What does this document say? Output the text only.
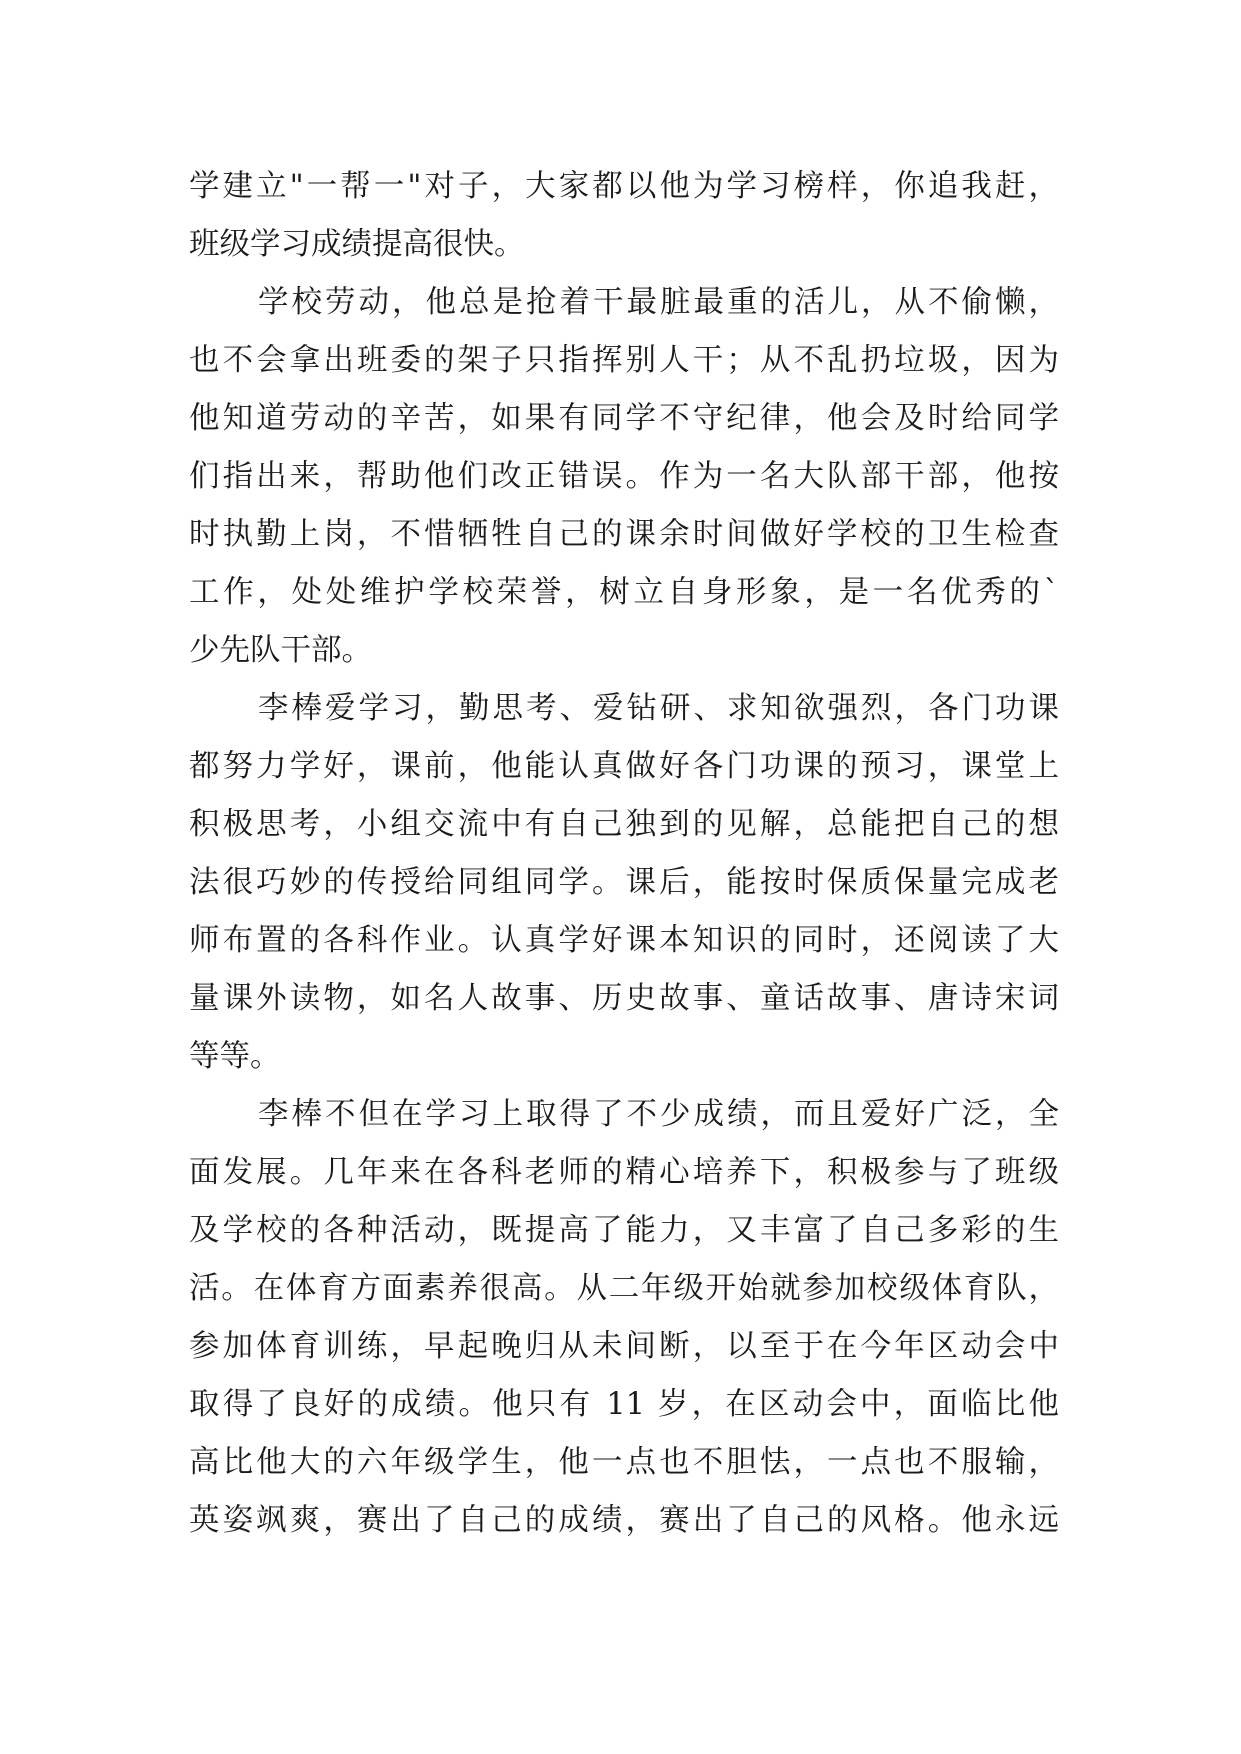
学建立"一帮一"对子，大家都以他为学习榜样，你追我赶，
班级学习成绩提高很快。
学校劳动，他总是抢着干最脏最重的活儿，从不偷懒，
也不会拿出班委的架子只指挥别人干；从不乱扔垃圾，因为
他知道劳动的辛苦，如果有同学不守纪律，他会及时给同学
们指出来，帮助他们改正错误。作为一名大队部干部，他按
时执勤上岗，不惜牺牲自己的课余时间做好学校的卫生检查
工作，处处维护学校荣誉，树立自身形象，是一名优秀的`
少先队干部。
李棒爱学习，勤思考、爱钻研、求知欲强烈，各门功课
都努力学好，课前，他能认真做好各门功课的预习，课堂上
积极思考，小组交流中有自己独到的见解，总能把自己的想
法很巧妙的传授给同组同学。课后，能按时保质保量完成老
师布置的各科作业。认真学好课本知识的同时，还阅读了大
量课外读物，如名人故事、历史故事、童话故事、唐诗宋词
等等。
李棒不但在学习上取得了不少成绩，而且爱好广泛，全
面发展。几年来在各科老师的精心培养下，积极参与了班级
及学校的各种活动，既提高了能力，又丰富了自己多彩的生
活。在体育方面素养很高。从二年级开始就参加校级体育队，
参加体育训练，早起晚归从未间断，以至于在今年区动会中
取得了良好的成绩。他只有 11 岁，在区动会中，面临比他
高比他大的六年级学生，他一点也不胆怯，一点也不服输，
英姿飒爽，赛出了自己的成绩，赛出了自己的风格。他永远
